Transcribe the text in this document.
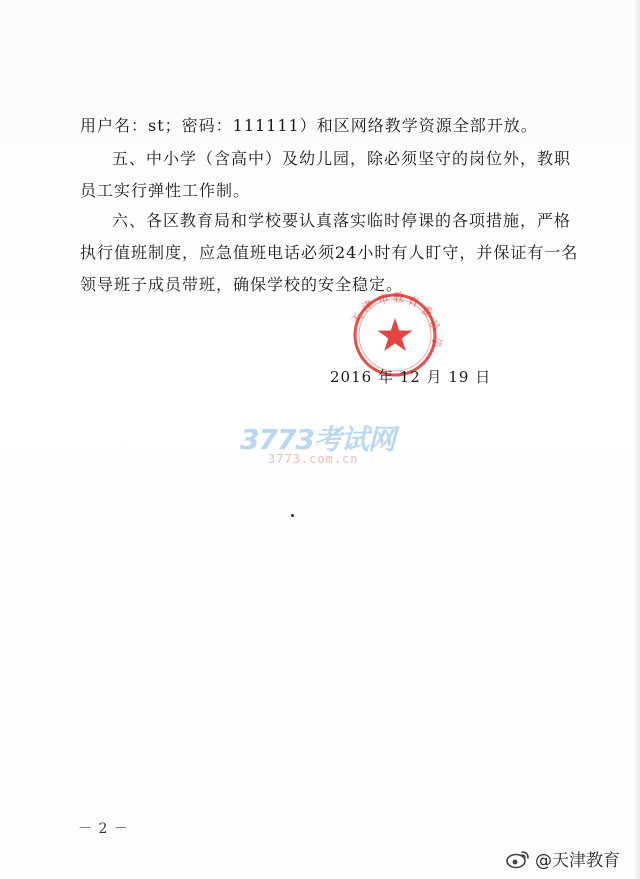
用户名：st；密码：111111）和区网络教学资源全部开放。

五、中小学（含高中）及幼儿园，除必须坚守的岗位外，教职员工实行弹性工作制。

六、各区教育局和学校要认真落实临时停课的各项措施，严格执行值班制度，应急值班电话必须24小时有人盯守，并保证有一名领导班子成员带班，确保学校的安全稳定。

天
津 市 教 育
委
员
会
2016 年 12 月 19 日
3773考试网
3773.com.cn
－ 2 －
@天津教育
